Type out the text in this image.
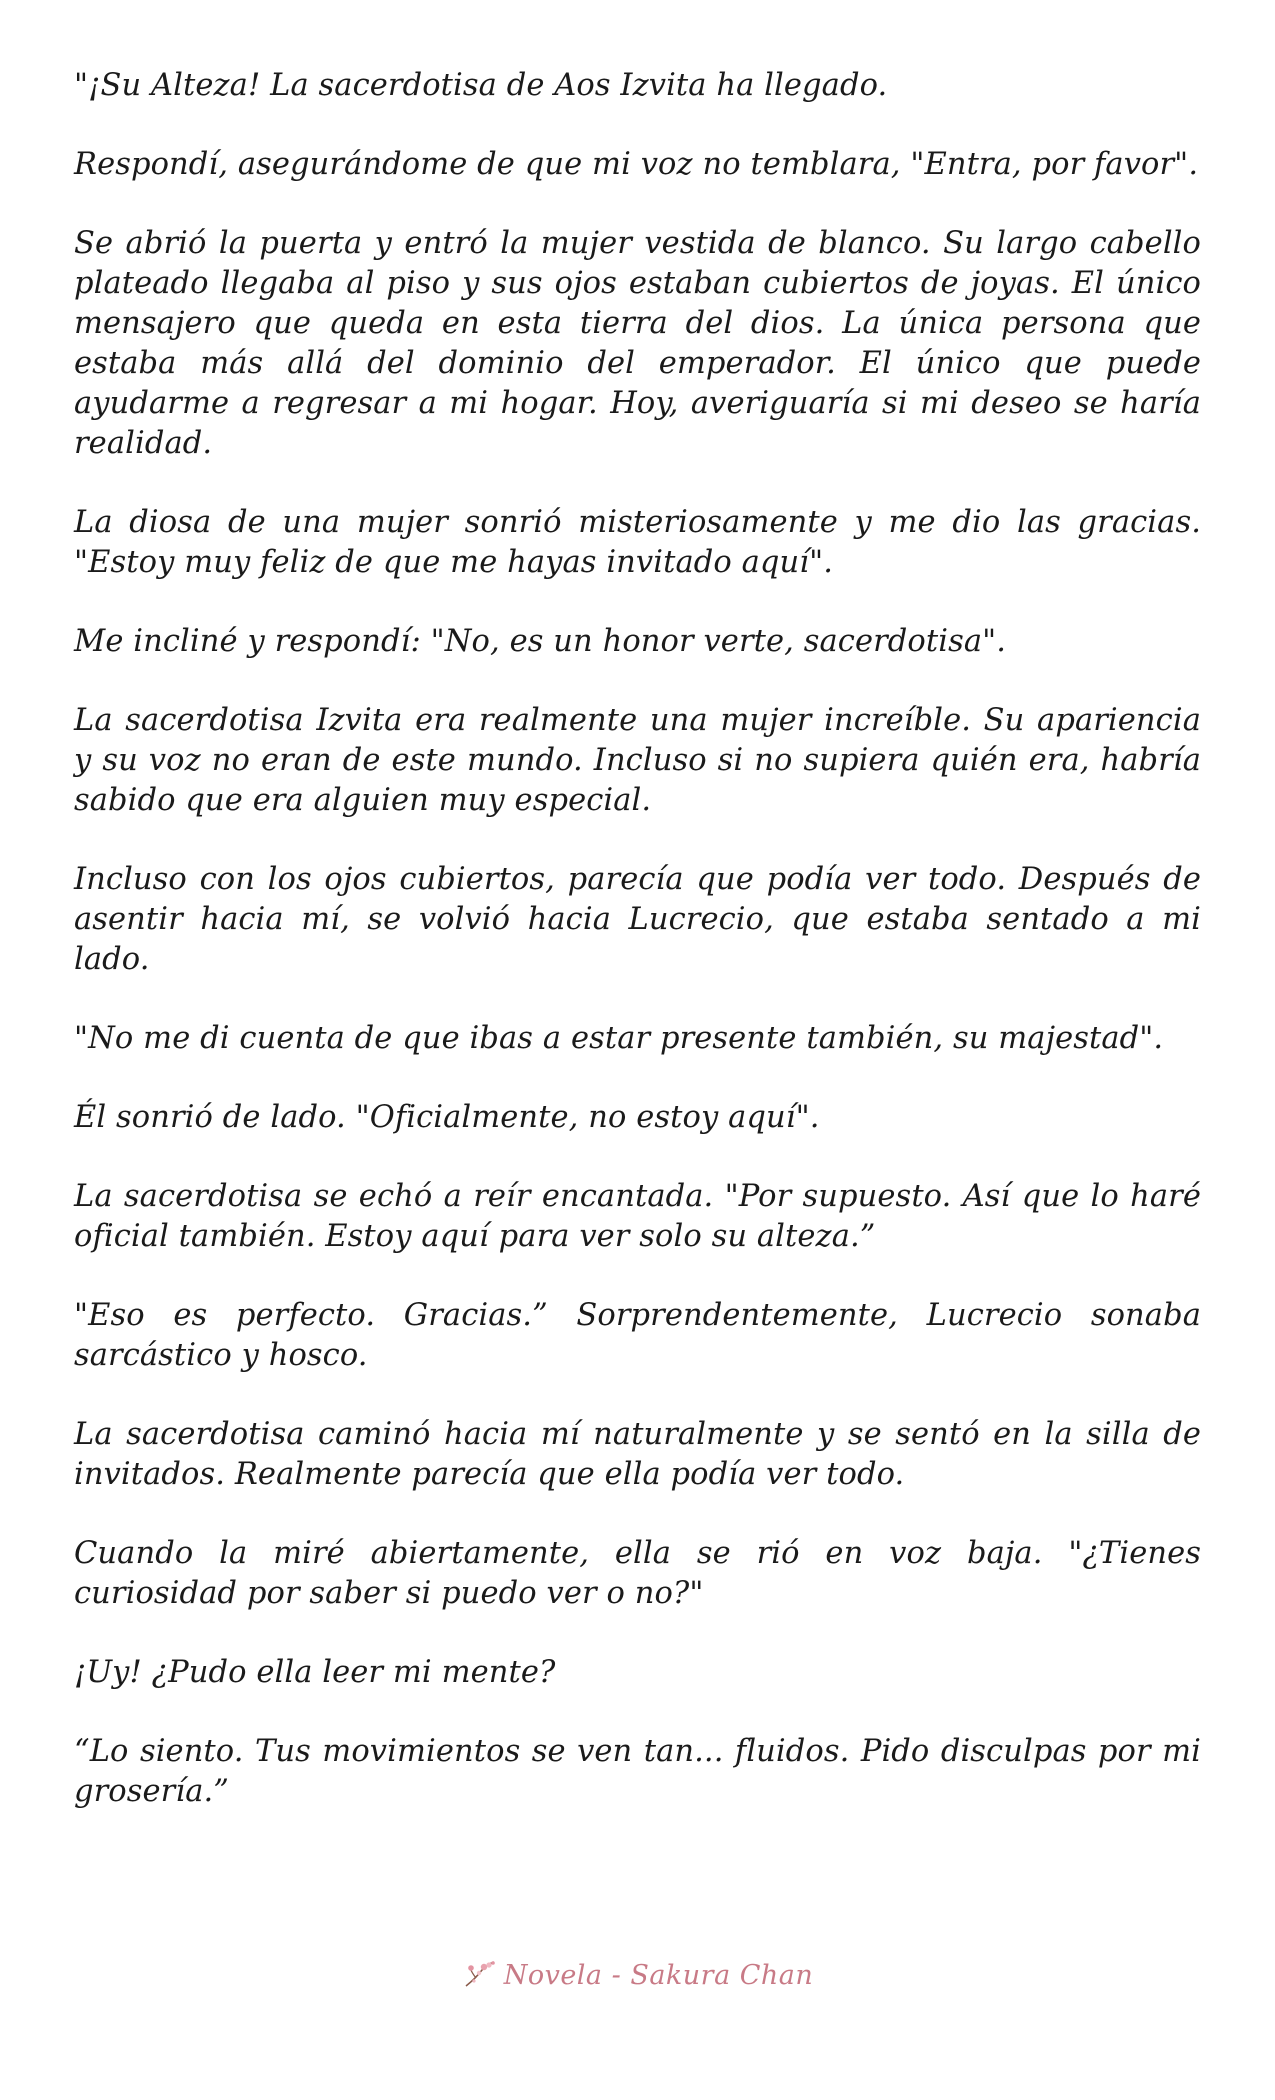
"¡Su Alteza! La sacerdotisa de Aos Izvita ha llegado.

Respondí, asegurándome de que mi voz no temblara, "Entra, por favor".

Se abrió la puerta y entró la mujer vestida de blanco. Su largo cabello plateado llegaba al piso y sus ojos estaban cubiertos de joyas. El único mensajero que queda en esta tierra del dios. La única persona que estaba más allá del dominio del emperador. El único que puede ayudarme a regresar a mi hogar. Hoy, averiguaría si mi deseo se haría realidad.

La diosa de una mujer sonrió misteriosamente y me dio las gracias. "Estoy muy feliz de que me hayas invitado aquí".

Me incliné y respondí: "No, es un honor verte, sacerdotisa".

La sacerdotisa Izvita era realmente una mujer increíble. Su apariencia y su voz no eran de este mundo. Incluso si no supiera quién era, habría sabido que era alguien muy especial.

Incluso con los ojos cubiertos, parecía que podía ver todo. Después de asentir hacia mí, se volvió hacia Lucrecio, que estaba sentado a mi lado.

"No me di cuenta de que ibas a estar presente también, su majestad".

Él sonrió de lado. "Oficialmente, no estoy aquí".

La sacerdotisa se echó a reír encantada. "Por supuesto. Así que lo haré oficial también. Estoy aquí para ver solo su alteza.”

"Eso es perfecto. Gracias.” Sorprendentemente, Lucrecio sonaba sarcástico y hosco.

La sacerdotisa caminó hacia mí naturalmente y se sentó en la silla de invitados. Realmente parecía que ella podía ver todo.

Cuando la miré abiertamente, ella se rió en voz baja. "¿Tienes curiosidad por saber si puedo ver o no?"

¡Uy! ¿Pudo ella leer mi mente?

“Lo siento. Tus movimientos se ven tan... fluidos. Pido disculpas por mi grosería.”

Novela - Sakura Chan
